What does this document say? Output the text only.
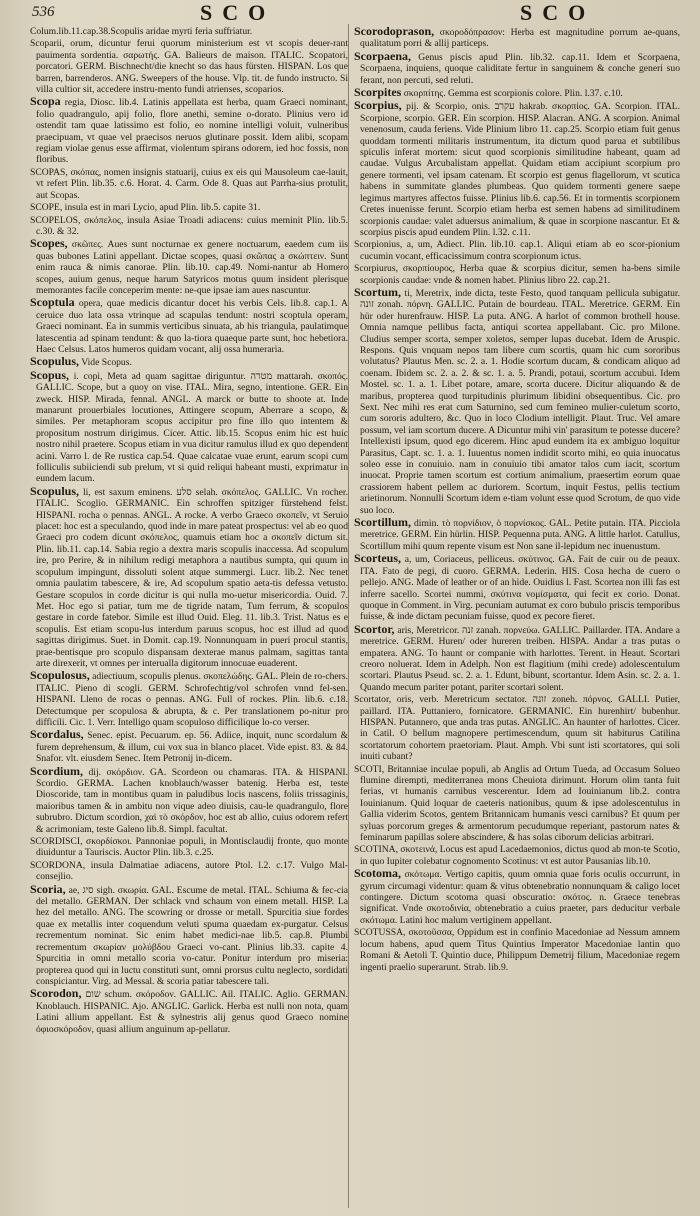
536	SCO	SCO

Colum.lib.11.cap.38.Scopulis aridae myrti feria suffriatur.

Scoparii, orum, dicuntur ferui quorum ministerium est vt scopis deuer-rant pauimenta sordentia. σαρωτής. GA. Balieurs de maison. ITALIC. Scopatori, porcatori. GERM. Bischnecht/die knecht so das haus fürsten. HISPAN. Los que barren, barrenderos. ANG. Sweepers of the house. Vlp. tit. de fundo instructo. Si villa cultior sit, accedere instru-mento fundi atrienses, scoparios.

Scopa regia, Diosc. lib.4. Latinis appellata est herba, quam Graeci nominant, folio quadrangulo, apij folio, flore anethi, semine o-dorato. Plinius vero id ostendit tam quae latissimo est folio, eo nomine intelligi voluit, vulneribus praecipuam, vt quae vel praecisos neruos glutinare possit. Idem alibi, scopam regiam violae genus esse affirmat, violentum spirans odorem, ied hoc fossis, non floribus.

SCOPAS, σκόπας, nomen insignis statuarij, cuius ex eis qui Mausoleum cae-lauit, vt refert Plin. lib.35. c.6. Horat. 4. Carm. Ode 8. Quas aut Parrha-sius protulit, aut Scopas.

SCOPE, insula est in mari Lycio, apud Plin. lib.5. capite 31.

SCOPELOS, σκόπελος, insula Asiae Troadi adiacens: cuius meminit Plin. lib.5. c.30. & 32.

Scopes, σκῶπες. Aues sunt nocturnae ex genere noctuarum, eaedem cum iis quas bubones Latini appellant. Dictae scopes, quasi σκῶπας a σκώπτειν. Sunt enim rauca & nimis canorae. Plin. lib.10. cap.49. Nomi-nantur ab Homero scopes, auium genus, neque harum Satyricos motus quum insident plerisque memorantes facile conceperim mente: ne-que ipsae iam aues nascuntur.

Scoptula opera, quae medicis dicantur docet his verbis Cels. lib.8. cap.1. A ceruice duo lata ossa vtrinque ad scapulas tendunt: nostri scoptula operam, Graeci nominant. Ea in summis verticibus sinuata, ab his triangula, paulatimque latescentia ad spinam tendunt: & quo la-tiora quaeque parte sunt, hoc hebetiora. Haec Celsus. Latos humeros quidam vocant, alij ossa humeraria.

Scopulus, Vide Scopus.

Scopus, i. copi, Meta ad quam sagittae diriguntur. מטרה mattarah. σκοπός. GALLIC. Scope, but a quoy on vise. ITAL. Mira, segno, intentione. GER. Ein zweck. HISP. Mirada, fennal. ANGL. A marck or butte to shoote at. Inde manarunt prouerbiales locutiones, Attingere scopum, Aberrare a scopo, & similes. Per metaphoram scopus accipitur pro fine illo quo intentem & propositum nostrum dirigimus. Cicer. Attic. lib.15. Scopus enim hic est huic nostro nihil praetere. Scopus etiam in vua dicitur ramulus illud ex quo dependent acini. Varro l. de Re rustica cap.54. Quae calcatae vuae erunt, earum scopi cum folliculis subiiciendi sub prelum, vt si quid reliqui habeant musti, exprimatur in eundem lacum.

Scopulus, li, est saxum eminens. סלע selah. σκόπελος. GALLIC. Vn rocher. ITALIC. Scoglio. GERMANIC. Ein schroffen spitziger fürstehend felst. HISPANI. rocha o pennas. ANGL. A rocke. A verbo Graeco σκοπεῖν, vt Seruio placet: hoc est a speculando, quod inde in mare pateat prospectus: vel ab eo quod Graeci pro codem dicunt σκόπελος, quamuis etiam hoc a σκοπεῖν dictum sit. Plin. lib.11. cap.14. Sabia regio a dextra maris scopulis inaccessa. Ad scopulum ire, pro Perire, & in nihilum redigi metaphora a nautibus sumpta, qui quum in scopulum impingunt, dissoluti solent atque summergi. Lucr. lib.2. Nec tenet omnia paulatim tabescere, & ire, Ad scopulum spatio aeta-tis defessa vetusto. Gestare scopulos in corde dicitur is qui nulla mo-uetur misericordia. Ouid. 7. Met. Hoc ego si patiar, tum me de tigride natam, Tum ferrum, & scopulos gestare in corde fatebor. Simile est illud Ouid. Eleg. 11. lib.3. Trist. Natus es e scopulis. Est etiam scopu-lus interdum paruus scopus, hoc est illud ad quod sagittas dirigimus. Suet. in Domit. cap.19. Nonnunquam in pueri procul stantis, prae-bentisque pro scopulo dispansam dexterae manus palmam, sagittas tanta arte direxerit, vt omnes per interualla digitorum innocuae euaderent.

Scopulosus, adiectiuum, scopulis plenus. σκοπελώδης. GAL. Plein de ro-chers. ITALIC. Pieno di scogli. GERM. Schrofechtig/vol schrofen vnnd fel-sen. HISPANI. Lleno de rocas o pennas. ANG. Full of rockes. Plin. lib.6. c.18. Detectumque per scopulosa & abrupta, & c. Per translationem po-nitur pro difficili. Cic. 1. Verr. Intelligo quam scopuloso difficilique lo-co verser.

Scordalus, Senec. epist. Pecuarum. ep. 56. Adiice, inquit, nunc scordalum & furem deprehensum, & illum, cui vox sua in blanco placet. Vide epist. 83. & 84. Snafor. vlt. eiusdem Senec. Item Petronij in-dicem.

Scordium, dij. σκόρδιον. GA. Scordeon ou chamaras. ITA. & HISPANI. Scordio. GERMA. Lachen knoblauch/wasser batenig. Herba est, teste Dioscoride, tam in montibus quam in paludibus locis nascens, foliis trissaginis, maioribus tamen & in ambitu non vique adeo diuisis, cau-le quadrangulo, flore subrubro. Dictum scordion, χαὶ τὸ σκόρδον, hoc est ab allio, cuius odorem refert & acrimoniam, teste Galeno lib.8. Simpl. facultat.

SCORDISCI, σκορδίσκοι. Pannoniae populi, in Montisclaudij fronte, quo monte diuiduntur a Tauriscis. Auctor Plin. lib.3. c.25.

SCORDONA, insula Dalmatiae adiacens, autore Ptol. l.2. c.17. Vulgo Mal-consejlio.

Scoria, ae, סיג sigh. σκωρία. GAL. Escume de metal. ITAL. Schiuma & fec-cia del metallo. GERMAN. Der schlack vnd schaum von einem metall. HISP. La hez del metallo. ANG. The scowring or drosse or metall. Spurcitia siue fordes quae ex metallis inter coquendum veluti spuma quaedam ex-purgatur. Celsus recrementum nominat. Sic enim habet medici-nae lib.5. cap.8. Plumbi recrementum σκωρίαν μολύβδου Graeci vo-cant. Plinius lib.33. capite 4. Spurcitia in omni metallo scoria vo-catur. Ponitur interdum pro miseria: propterea quod qui in luctu constituti sunt, omni prorsus cultu neglecto, sordidati conspiciantur. Virg. ad Messal. & scoria patiar tabescere tali.

Scorodon, שום schum. σκόροδον. GALLIC. Ail. ITALIC. Aglio. GERMAN. Knoblauch. HISPANIC. Ajo. ANGLIC. Garlick. Herba est nulli non nota, quam Latini allium appellant. Est & sylnestris alij genus quod Graeco nomine ὀφιοσκόροδον, quasi allium anguinum ap-pellatur.

Scorodoprason, σκοροδόπρασον: Herba est magnitudine porrum ae-quans, qualitatum porri & allij particeps.

Scorpaena, Genus piscis apud Plin. lib.32. cap.11. Idem et Scorpaena, Scorpaena, inquiens, quoque caliditate fertur in sanguinem & conche generi suo ferant, non percuti, sed reluti.

Scorpites σκορπίτης. Gemma est scorpionis colore. Plin. l.37. c.10.

Scorpius, pij. & Scorpio, onis. עקרב hakrab. σκορπίος. GA. Scorpion. ITAL. Scorpione, scorpio. GER. Ein scorpion. HISP. Alacran. ANG. A scorpion. Animal venenosum, cauda feriens. Vide Plinium libro 11. cap.25. Scorpio etiam fuit genus quoddam tormenti militaris instrumentum, ita dictum quod parua et subtilibus spiculis inferat mortem: sicut quod scorpionis similitudine habeant, quam ad caudae. Vulgus Arcubalistam appellat. Quidam etiam accipiunt scorpium pro genere tormenti, vel ipsam catenam. Et scorpio est genus flagellorum, vt scutica habens in summitate glandes plumbeas. Quo quidem tormenti genere saepe legimus martyres affectos fuisse. Plinius lib.6. cap.56. Et in tormentis scorpionem Cretes inuenisse ferunt. Scorpio etiam herba est semen habens ad similitudinem scorpionis caudae: valet aduersus animalium, & quae in scorpione nascantur. Et & scorpius piscis apud eundem Plin. l.32. c.11.

Scorpionius, a, um, Adiect. Plin. lib.10. cap.1. Aliqui etiam ab eo scor-pionium cucumin vocant, efficacissimum contra scorpionum ictus.

Scorpiurus, σκορπίουρος, Herba quae & scorpius dicitur, semen ha-bens simile scorpionis caudae: vnde & nomen habet. Plinius libro 22. cap.21.

Scortum, ti, Meretrix, inde dicta, teste Festo, quod tanquam pellicula subigatur. זונה zonah. πόρνη. GALLIC. Putain de bourdeau. ITAL. Meretrice. GERM. Ein hür oder hurenfrauw. HISP. La puta. ANG. A harlot of common brothell house. Omnia namque pellibus facta, antiqui scortea appellabant. Cic. pro Milone. Cludius semper scorta, semper xoletos, semper lupas ducebat. Idem de Aruspic. Respons. Quis vnquam nepos tam libere cum scortis, quam hic cum sororibus volutatus? Plautus Men. sc. 2. a. 1. Hodie scortum ducam, & condicam aliquo ad coenam. Ibidem sc. 2. a. 2. & sc. 1. a. 5. Prandi, potaui, scortum accubui. Idem Mostel. sc. 1. a. 1. Libet potare, amare, scorta ducere. Dicitur aliquando & de maribus, propterea quod turpitudinis plurimum libidini obsequentibus. Cic. pro Sext. Nec mihi res erat cum Saturnino, sed cum femineo mulier-culetum scorto, cum sororis adultero, &c. Quo in loco Clodium intelligit. Plaut. Truc. Vel amare possum, vel iam scortum ducere. A Dicuntur mihi vin' parasitum te potesse ducere? Intellexisti ipsum, quod ego dicerem. Hinc apud eundem ita ex ambiguo loquitur Parasitus, Capt. sc. 1. a. 1. Iuuentus nomen indidit scorto mihi, eo quia inuocatus soleo esse in conuiuio. nam in conuiuio tibi amator talos cum iacit, scortum inuocat. Proprie tamen scortum est cortium animalium, praesertim eorum quae crassiorem habent pellem ac duriorem. Scortum, inquit Festus, pellis tectium arietinorum. Nonnulli Scortum idem e-tiam volunt esse quod Scrotum, de quo vide suo loco.

Scortillum, dimin. τὸ πορνίδιον, ὁ πορνίσκος. GAL. Petite putain. ITA. Picciola meretrice. GERM. Ein hürlin. HISP. Pequenna puta. ANG. A little harlot. Catullus, Scortillum mihi quum repente visum est Non sane il-lepidum nec inuenustum.

Scorteus, a, um, Coriaceus, pelliceus. σκύτινος. GA. Fait de cuir ou de peaux. ITA. Fato de pegi, di cuoro. GERMA. Lederin. HIS. Cosa hecha de cuero o pellejo. ANG. Made of leather or of an hide. Ouidius l. Fast. Scortea non illi fas est inferre sacello. Scortei nummi, σκύτινα νομίσματα, qui fecit ex corio. Donat. quoque in Comment. in Virg. pecuniam autumat ex coro bubulo priscis temporibus fuisse, & inde dictam pecuniam fuisse, quod ex pecore fieret.

Scortor, aris, Meretricor. זנה zanah. πορνεύω. GALLIC. Paillarder. ITA. Andare a meretrice. GERM. Huren/ oder hureren treiben. HISPA. Andar a tras putas o empatera. ANG. To haunt or companie with harlottes. Terent. in Heaut. Scortari creoro noluerat. Idem in Adelph. Non est flagitium (mihi crede) adolescentulum scortari. Plautus Pseud. sc. 2. a. 1. Edunt, bibunt, scortantur. Idem Asin. sc. 2. a. 1. Quando mecum pariter potant, pariter scortari solent.

Scortator, oris, verb. Meretricum sectator. זונה zoneh. πόρνος. GALLI. Putier, paillard. ITA. Puttaniero, fornicatore. GERMANIC. Ein hurenhirt/ bubenhur. HISPAN. Putannero, que anda tras putas. ANGLIC. An haunter of harlottes. Cicer. in Catil. O bellum magnopere pertimescendum, quum sit habiturus Catilina scortatorum cohortem praetoriam. Plaut. Amph. Vbi sunt isti scortatores, qui soli inuiti cubant?

SCOTI, Britanniae inculae populi, ab Anglis ad Ortum Tueda, ad Occasum Solueo flumine dirempti, mediterranea mons Cheuiota dirimunt. Horum olim tanta fuit ferias, vt humanis carnibus vescerentur. Idem ad Iouinianum lib.2. contra Iouinianum. Quid loquar de caeteris nationibus, quum & ipse adolescentulus in Gallia viderim Scotos, gentem Britannicam humanis vesci carnibus? Et quum per syluas porcorum greges & armentorum pecudumque reperiant, pastorum nates & feminarum papillas solere abscindere, & has solas ciborum delicias arbitrari.

SCOTINA, σκοτεινά, Locus est apud Lacedaemonios, dictus quod ab mon-te Scotio, in quo Iupiter colebatur cognomento Scotinus: vt est autor Pausanias lib.10.

Scotoma, σκότωμα. Vertigo capitis, quum omnia quae foris oculis occurrunt, in gyrum circumagi videntur: quam & vitus obtenebratio nonnunquam & caligo locet contingere. Dictum scotoma quasi obscuratio: σκότος. n. Graece tenebras significat. Vnde σκοτοδινία, obtenebratio a cuius praeter, pars deducitur verbale σκότωμα. Latini hoc malum vertiginem appellant.

SCOTUSSA, σκοτοῦσσα, Oppidum est in confinio Macedoniae ad Nessum amnem locum habens, apud quem Titus Quintius Imperator Macedoniae lantin quo Romani & Aetoli T. Quintio duce, Philippum Demetrij filium, Macedoniae regem ingenti praelio superarunt. Strab. lib.9.
